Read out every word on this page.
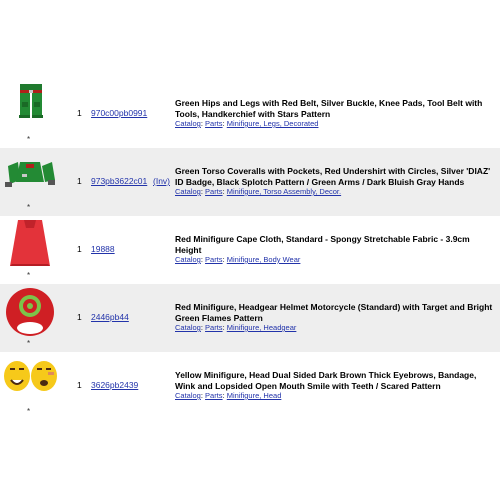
*
1 970c00pb0991
Green Hips and Legs with Red Belt, Silver Buckle, Knee Pads, Tool Belt with Tools, Handkerchief with Stars Pattern
Catalog: Parts: Minifigure, Legs, Decorated
*
1 973pb3622c01 (Inv)
Green Torso Coveralls with Pockets, Red Undershirt with Circles, Silver 'DIAZ' ID Badge, Black Splotch Pattern / Green Arms / Dark Bluish Gray Hands
Catalog: Parts: Minifigure, Torso Assembly, Decor.
*
1 19888
Red Minifigure Cape Cloth, Standard - Spongy Stretchable Fabric - 3.9cm Height
Catalog: Parts: Minifigure, Body Wear
*
1 2446pb44
Red Minifigure, Headgear Helmet Motorcycle (Standard) with Target and Bright Green Flames Pattern
Catalog: Parts: Minifigure, Headgear
*
1 3626pb2439
Yellow Minifigure, Head Dual Sided Dark Brown Thick Eyebrows, Bandage, Wink and Lopsided Open Mouth Smile with Teeth / Scared Pattern
Catalog: Parts: Minifigure, Head
